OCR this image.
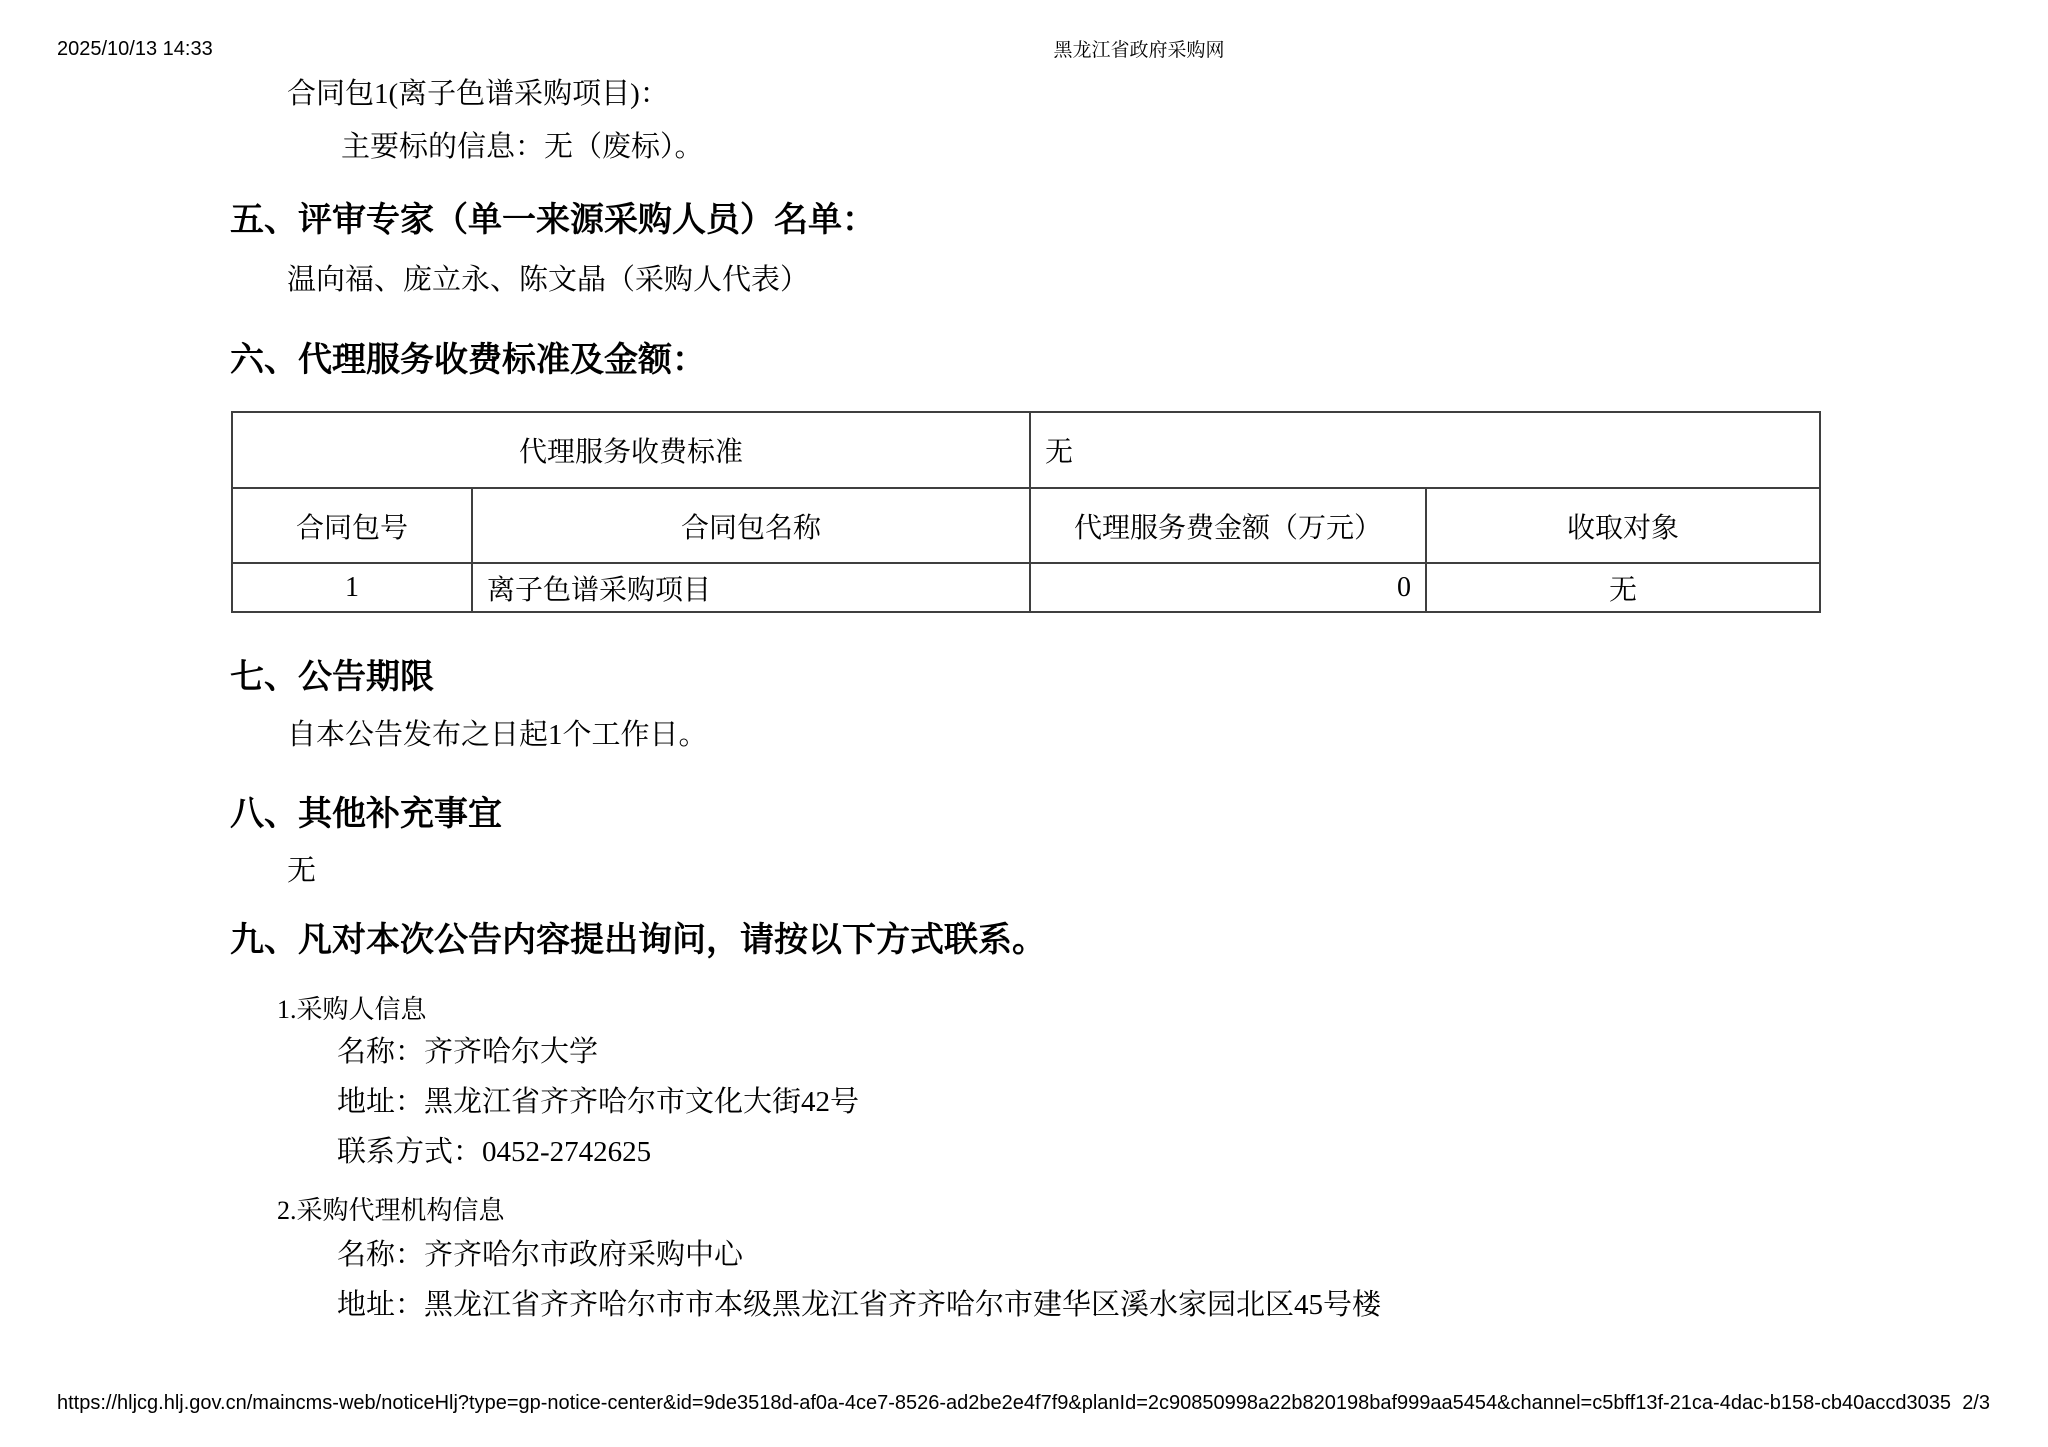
2025/10/13 14:33	黑龙江省政府采购网
合同包1(离子色谱采购项目)：
主要标的信息：无（废标）。
五、评审专家（单一来源采购人员）名单：
温向福、庞立永、陈文晶（采购人代表）
六、代理服务收费标准及金额：
代理服务收费标准		无	
合同包号	合同包名称	代理服务费金额（万元）	收取对象
1	离子色谱采购项目	0	无
七、公告期限
自本公告发布之日起1个工作日。
八、其他补充事宜
无
九、凡对本次公告内容提出询问，请按以下方式联系。
1.采购人信息
名称：齐齐哈尔大学
地址：黑龙江省齐齐哈尔市文化大街42号
联系方式：0452-2742625
2.采购代理机构信息
名称：齐齐哈尔市政府采购中心
地址：黑龙江省齐齐哈尔市市本级黑龙江省齐齐哈尔市建华区溪水家园北区45号楼
https://hljcg.hlj.gov.cn/maincms-web/noticeHlj?type=gp-notice-center&id=9de3518d-af0a-4ce7-8526-ad2be2e4f7f9&planId=2c90850998a22b820198baf999aa5454&channel=c5bff13f-21ca-4dac-b158-cb40accd3035 2/3
